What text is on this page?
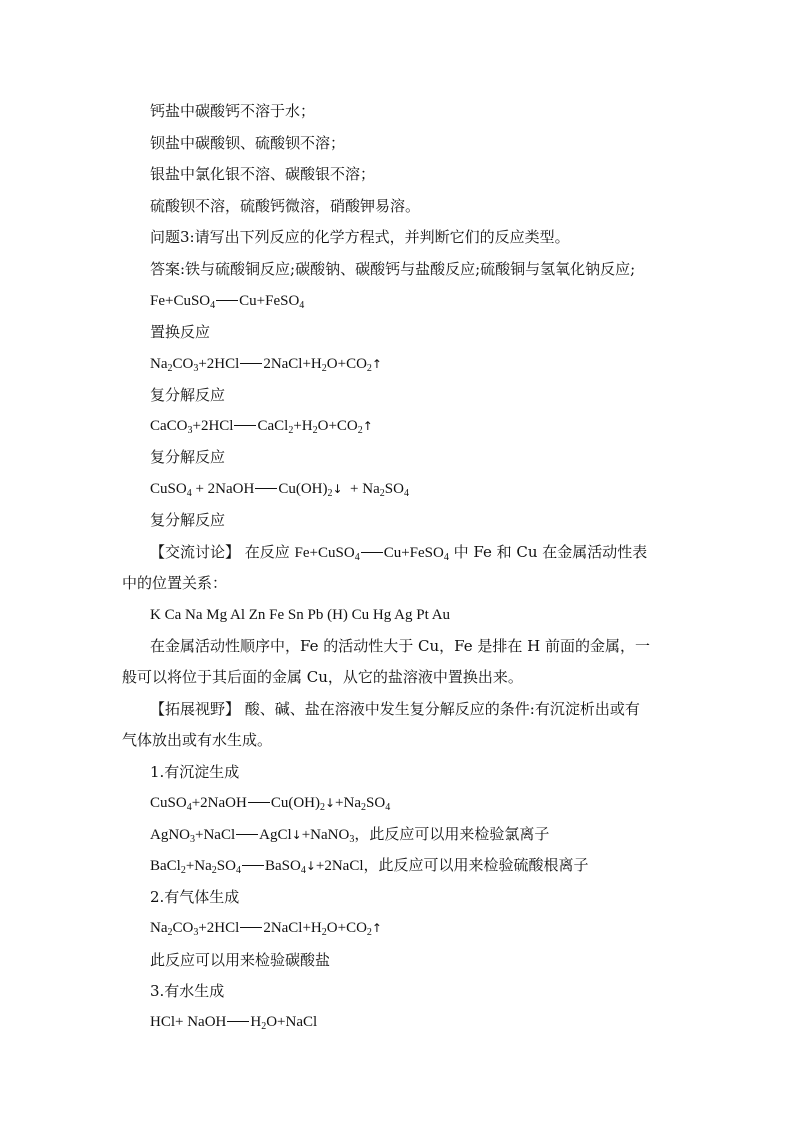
钙盐中碳酸钙不溶于水；
钡盐中碳酸钡、硫酸钡不溶；
银盐中氯化银不溶、碳酸银不溶；
硫酸钡不溶，硫酸钙微溶，硝酸钾易溶。
问题3:请写出下列反应的化学方程式，并判断它们的反应类型。
答案:铁与硫酸铜反应;碳酸钠、碳酸钙与盐酸反应;硫酸铜与氢氧化钠反应;
Fe+CuSO$_4$ Cu+FeSO$_4$
置换反应
$Na_2CO_3+2HCl$ $2NaCl+H_2O+CO_2↑$
复分解反应
CaCO$_3$+2HCl $CaCl_2+H_2O+CO_2↑$
复分解反应
CuSO$_4$ + 2NaOH $Cu(OH)_2↓ + Na_2SO_4$
复分解反应
【交流讨论】 在反应 Fe+CuSO$_4$ Cu+FeSO$_4$ 中 Fe 和 Cu 在金属活动性表
中的位置关系：
K Ca Na Mg Al Zn Fe Sn Pb (H) Cu Hg Ag Pt Au
在金属活动性顺序中，Fe 的活动性大于 Cu，Fe 是排在 H 前面的金属，一
般可以将位于其后面的金属 Cu，从它的盐溶液中置换出来。
【拓展视野】 酸、碱、盐在溶液中发生复分解反应的条件:有沉淀析出或有
气体放出或有水生成。
1.有沉淀生成
CuSO$_4$+2NaOH $Cu(OH)_2↓+Na_2SO_4$
AgNO$_3$+NaCl AgCl↓+NaNO$_3$，此反应可以用来检验氯离子
$BaCl_2+Na_2SO_4$ BaSO$_4$↓+2NaCl，此反应可以用来检验硫酸根离子
2.有气体生成
$Na_2CO_3+2HCl$ $2NaCl+H_2O+CO_2↑$
此反应可以用来检验碳酸盐
3.有水生成
HCl+ NaOH $H_2O+NaCl$
